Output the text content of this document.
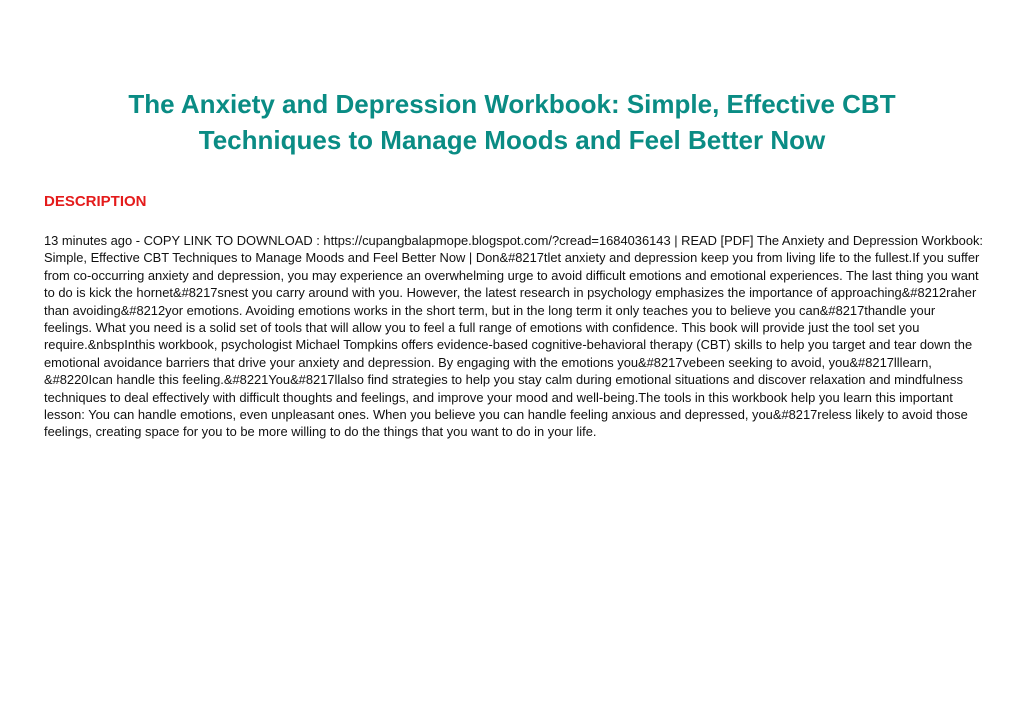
The Anxiety and Depression Workbook: Simple, Effective CBT Techniques to Manage Moods and Feel Better Now
DESCRIPTION

13 minutes ago - COPY LINK TO DOWNLOAD : https://cupangbalapmope.blogspot.com/?cread=1684036143 | READ [PDF] The Anxiety and Depression Workbook: Simple, Effective CBT Techniques to Manage Moods and Feel Better Now | Don&#8217tlet anxiety and depression keep you from living life to the fullest.If you suffer from co-occurring anxiety and depression, you may experience an overwhelming urge to avoid difficult emotions and emotional experiences. The last thing you want to do is kick the hornet&#8217snest you carry around with you. However, the latest research in psychology emphasizes the importance of approaching&#8212raher than avoiding&#8212yor emotions. Avoiding emotions works in the short term, but in the long term it only teaches you to believe you can&#8217thandle your feelings. What you need is a solid set of tools that will allow you to feel a full range of emotions with confidence. This book will provide just the tool set you require.&nbspInthis workbook, psychologist Michael Tompkins offers evidence-based cognitive-behavioral therapy (CBT) skills to help you target and tear down the emotional avoidance barriers that drive your anxiety and depression. By engaging with the emotions you&#8217vebeen seeking to avoid, you&#8217lllearn, &#8220Ican handle this feeling.&#8221You&#8217llalso find strategies to help you stay calm during emotional situations and discover relaxation and mindfulness techniques to deal effectively with difficult thoughts and feelings, and improve your mood and well-being.The tools in this workbook help you learn this important lesson: You can handle emotions, even unpleasant ones. When you believe you can handle feeling anxious and depressed, you&#8217reless likely to avoid those feelings, creating space for you to be more willing to do the things that you want to do in your life.
